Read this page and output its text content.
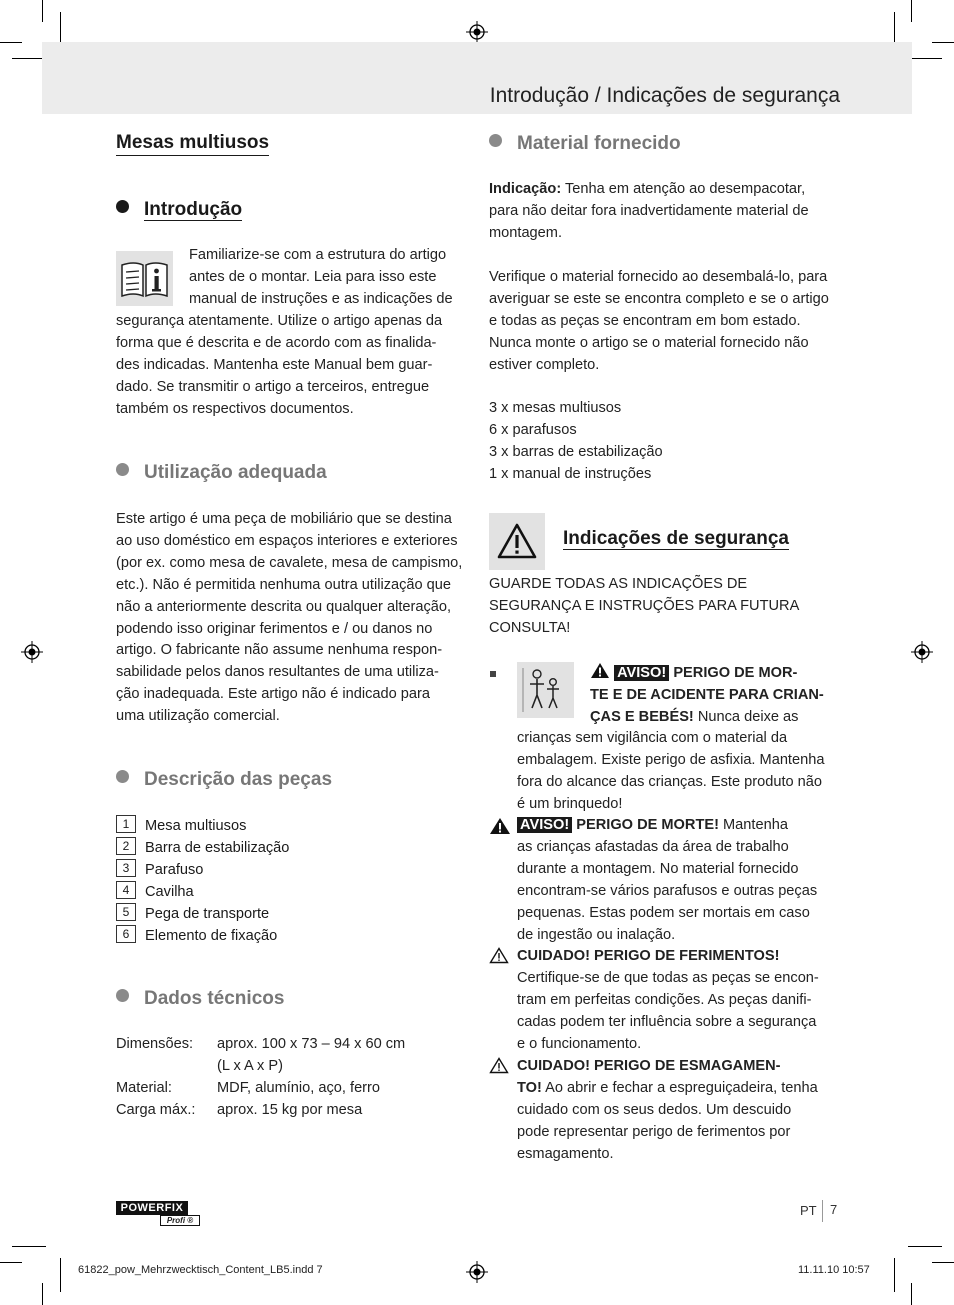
Introdução / Indicações de segurança
Mesas multiusos
Introdução

Familiarize-se com a estrutura do artigo

antes de o montar. Leia para isso este

manual de instruções e as indicações de

segurança atentamente. Utilize o artigo apenas da

forma que é descrita e de acordo com as finalida-

des indicadas. Mantenha este Manual bem guar-

dado. Se transmitir o artigo a terceiros, entregue

também os respectivos documentos.

Utilização adequada

Este artigo é uma peça de mobiliário que se destina

ao uso doméstico em espaços interiores e exteriores

(por ex. como mesa de cavalete, mesa de campismo,

etc.). Não é permitida nenhuma outra utilização que

não a anteriormente descrita ou qualquer alteração,

podendo isso originar ferimentos e / ou danos no

artigo. O fabricante não assume nenhuma respon-

sabilidade pelos danos resultantes de uma utiliza-

ção inadequada. Este artigo não é indicado para

uma utilização comercial.

Descrição das peças
1 Mesa multiusos
2 Barra de estabilização
3 Parafuso
4 Cavilha
5 Pega de transporte
6 Elemento de fixação
Dados técnicos
Dimensões: aprox. 100 x 73 – 94 x 60 cm
(L x A x P)
Material:	MDF, alumínio, aço, ferro
Carga máx.: aprox. 15 kg por mesa
Material fornecido

Indicação: Tenha em atenção ao desempacotar,

para não deitar fora inadvertidamente material de

montagem.

Verifique o material fornecido ao desembalá-lo, para

averiguar se este se encontra completo e se o artigo

e todas as peças se encontram em bom estado.

Nunca monte o artigo se o material fornecido não

estiver completo.

3 x mesas multiusos

6 x parafusos

3 x barras de estabilização

1 x manual de instruções

Indicações de segurança

GUARDE TODAS AS INDICAÇÕES DE

SEGURANÇA E INSTRUÇÕES PARA FUTURA

CONSULTA!

AVISO! PERIGO DE MOR-

TE E DE ACIDENTE PARA CRIAN-

ÇAS E BEBÉS! Nunca deixe as

crianças sem vigilância com o material da

embalagem. Existe perigo de asfixia. Mantenha

fora do alcance das crianças. Este produto não

é um brinquedo!

AVISO! PERIGO DE MORTE! Mantenha

as crianças afastadas da área de trabalho

durante a montagem. No material fornecido

encontram-se vários parafusos e outras peças

pequenas. Estas podem ser mortais em caso

de ingestão ou inalação.

CUIDADO! PERIGO DE FERIMENTOS!

Certifique-se de que todas as peças se encon-

tram em perfeitas condições. As peças danifi-

cadas podem ter influência sobre a segurança

e o funcionamento.

CUIDADO! PERIGO DE ESMAGAMEN-

TO! Ao abrir e fechar a espreguiçadeira, tenha

cuidado com os seus dedos. Um descuido

pode representar perigo de ferimentos por

esmagamento.

POWERFIX
Profi ®
PT 7
61822_pow_Mehrzwecktisch_Content_LB5.indd 7	11.11.10 10:57
